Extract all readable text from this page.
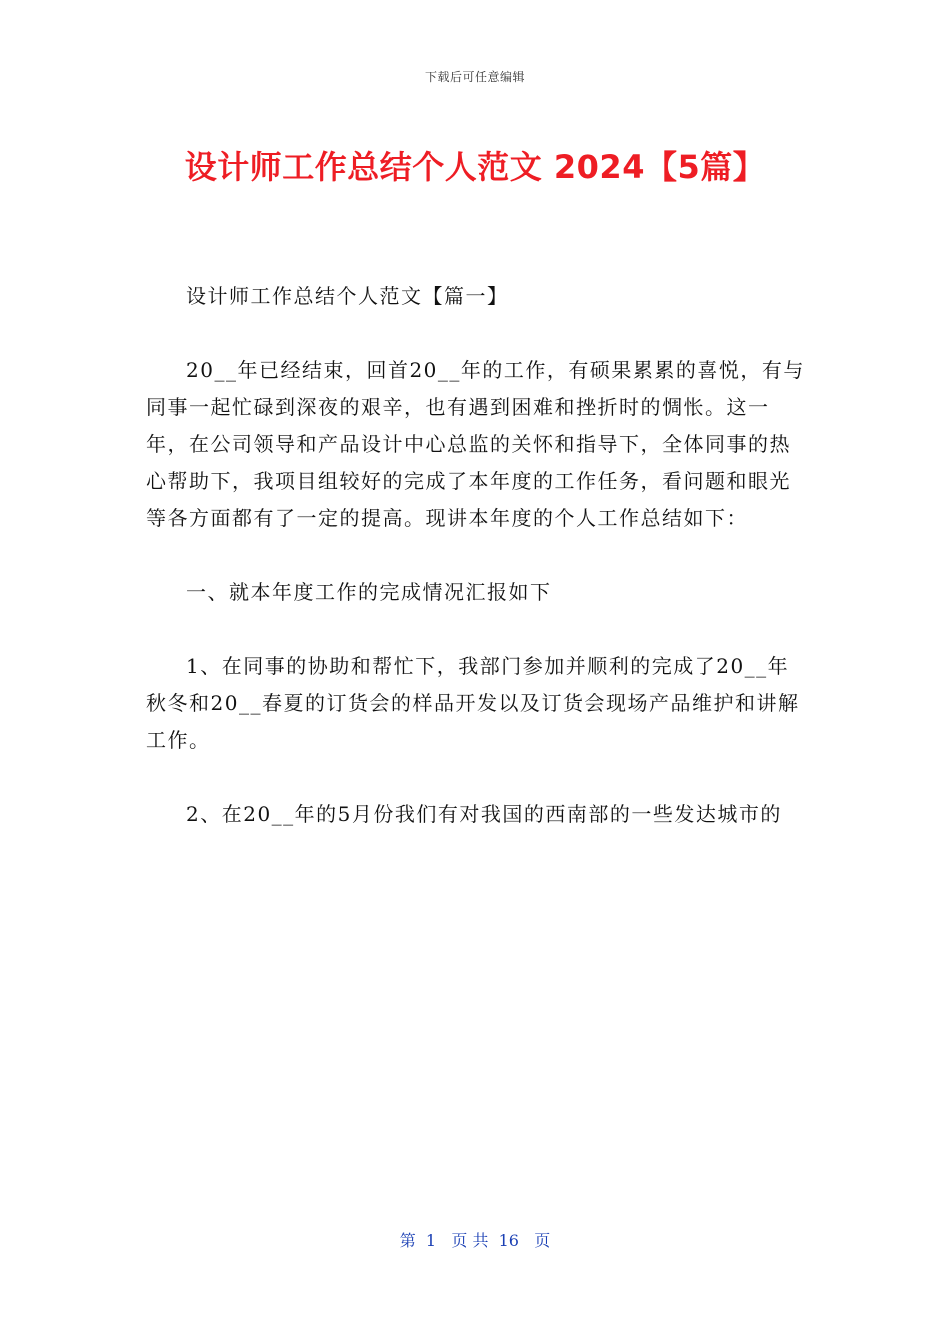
下载后可任意编辑
设计师工作总结个人范文 2024【5篇】

设计师工作总结个人范文【篇一】

20__年已经结束，回首20__年的工作，有硕果累累的喜悦，有与同事一起忙碌到深夜的艰辛，也有遇到困难和挫折时的惆怅。这一年，在公司领导和产品设计中心总监的关怀和指导下，全体同事的热心帮助下，我项目组较好的完成了本年度的工作任务，看问题和眼光等各方面都有了一定的提高。现讲本年度的个人工作总结如下：

一、就本年度工作的完成情况汇报如下

1、在同事的协助和帮忙下，我部门参加并顺利的完成了20__年秋冬和20__春夏的订货会的样品开发以及订货会现场产品维护和讲解工作。

2、在20__年的5月份我们有对我国的西南部的一些发达城市的

第  1   页 共  16   页
